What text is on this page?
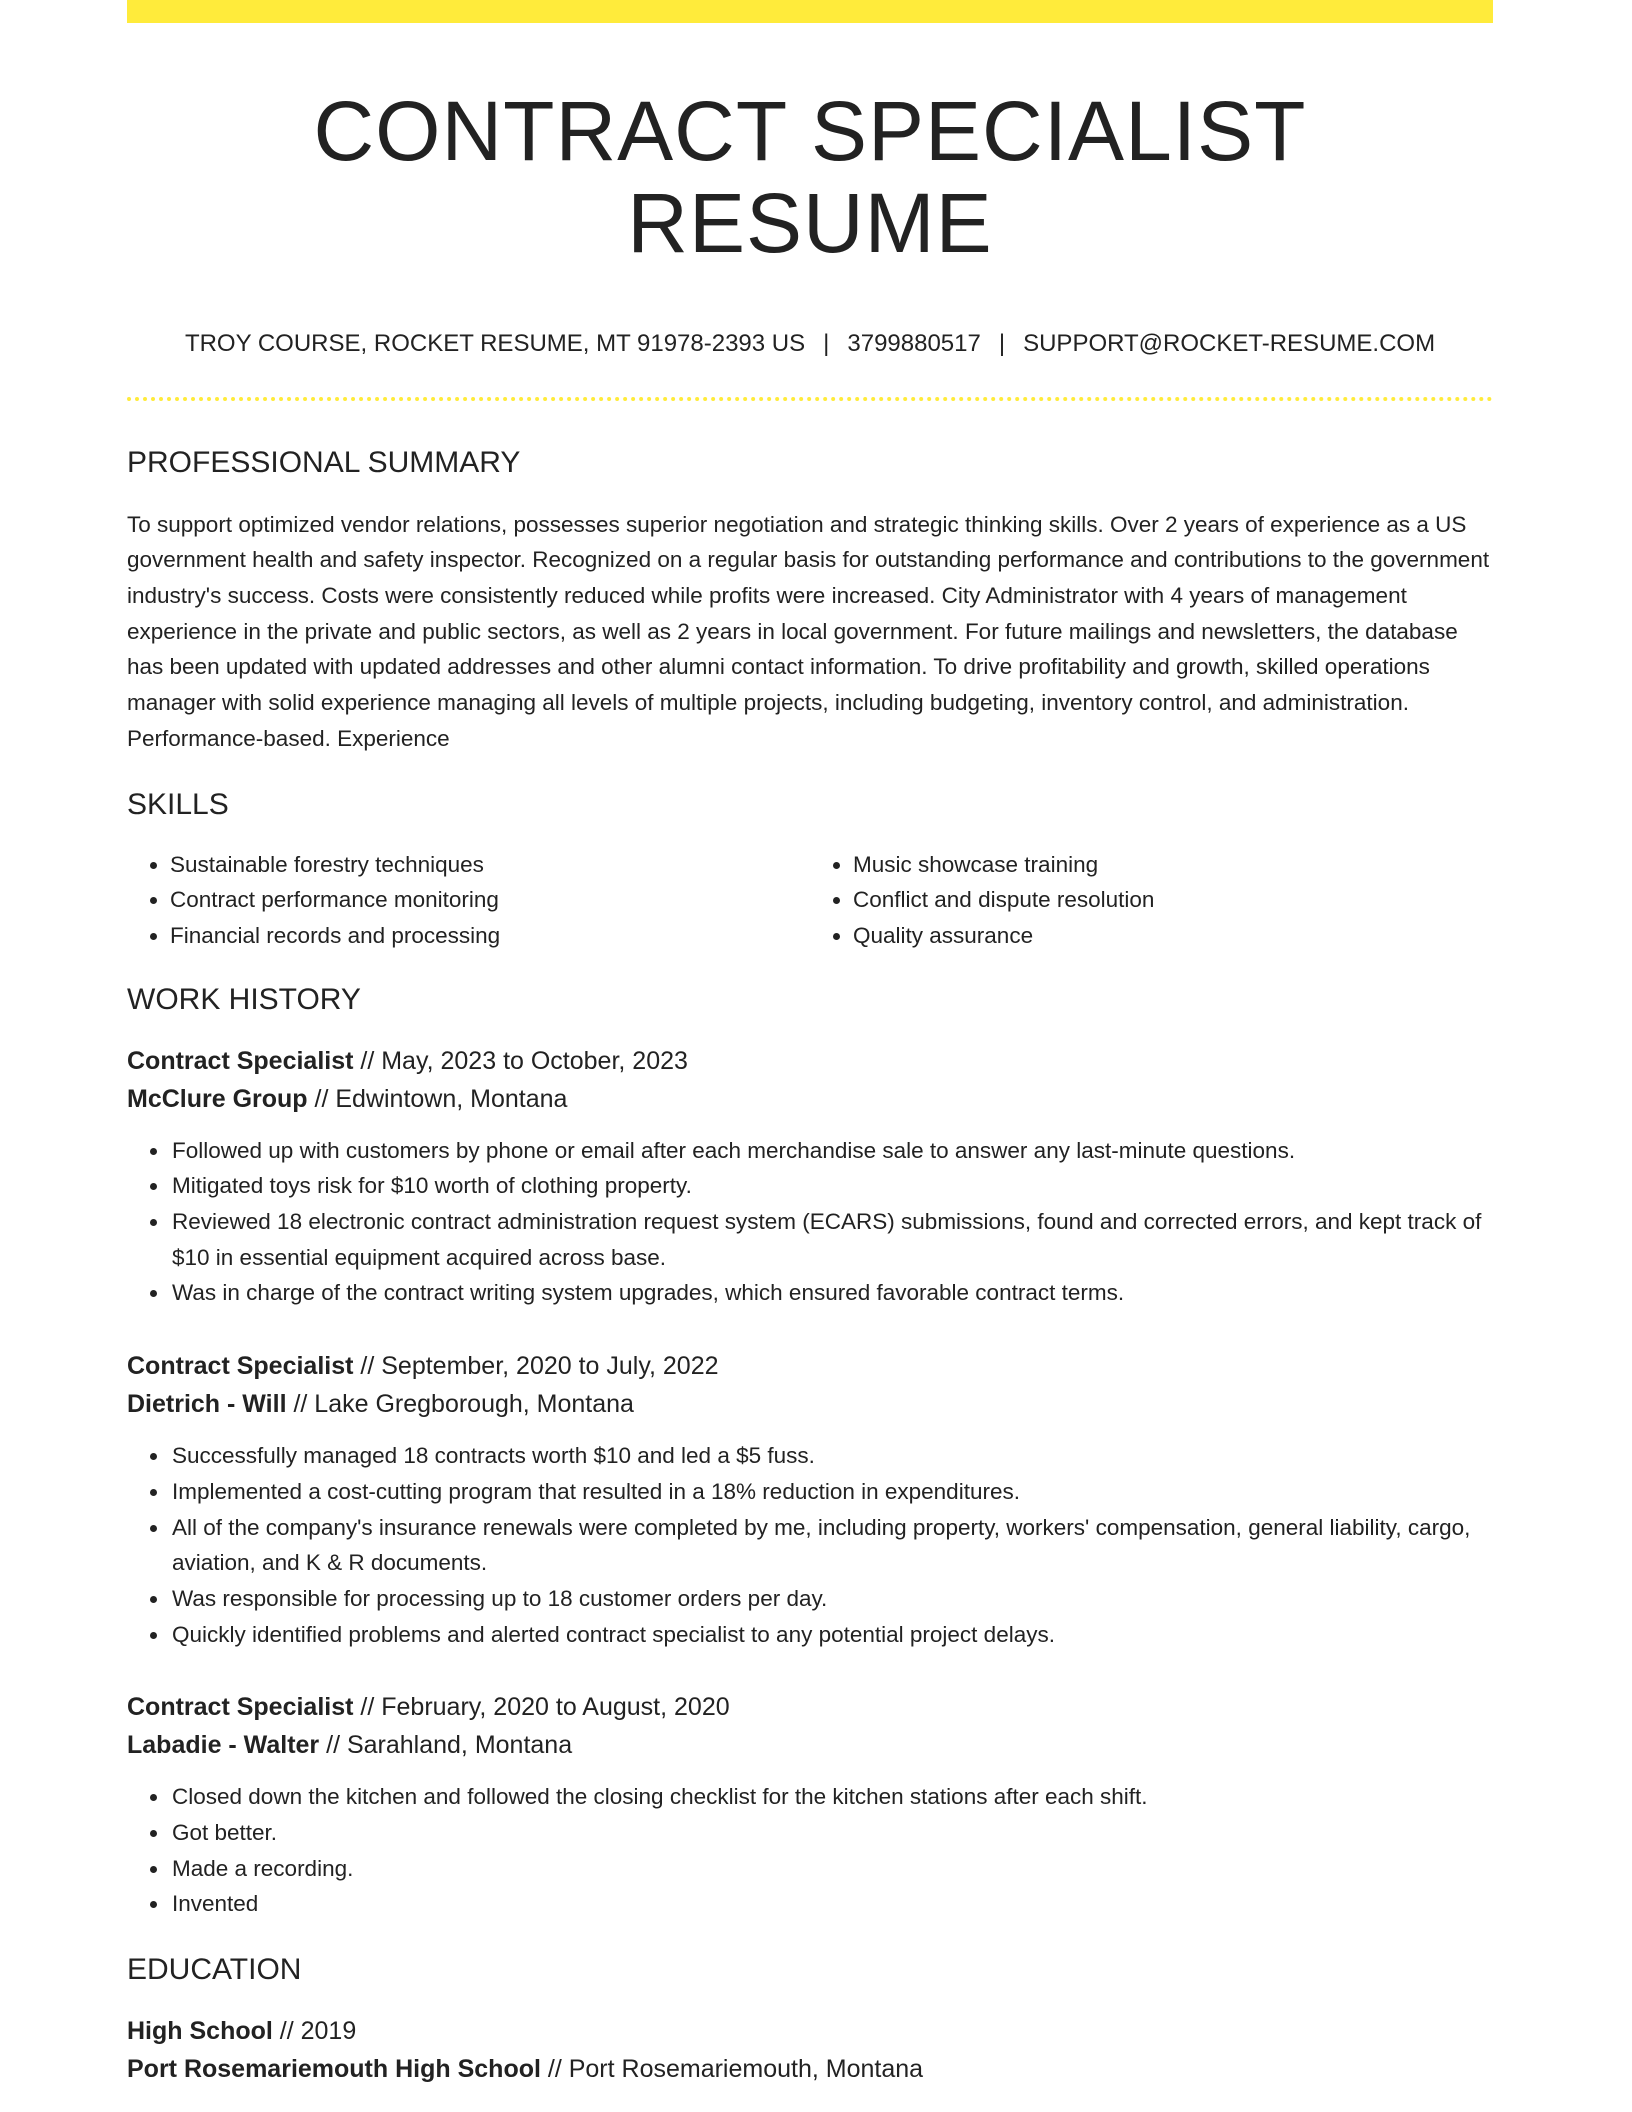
CONTRACT SPECIALIST RESUME
TROY COURSE, ROCKET RESUME, MT 91978-2393 US | 3799880517 | SUPPORT@ROCKET-RESUME.COM
PROFESSIONAL SUMMARY

To support optimized vendor relations, possesses superior negotiation and strategic thinking skills. Over 2 years of experience as a US government health and safety inspector. Recognized on a regular basis for outstanding performance and contributions to the government industry's success. Costs were consistently reduced while profits were increased. City Administrator with 4 years of management experience in the private and public sectors, as well as 2 years in local government. For future mailings and newsletters, the database has been updated with updated addresses and other alumni contact information. To drive profitability and growth, skilled operations manager with solid experience managing all levels of multiple projects, including budgeting, inventory control, and administration. Performance-based. Experience

SKILLS
• Sustainable forestry techniques
• Contract performance monitoring
• Financial records and processing
• Music showcase training
• Conflict and dispute resolution
• Quality assurance
WORK HISTORY
Contract Specialist // May, 2023 to October, 2023
McClure Group // Edwintown, Montana
• Followed up with customers by phone or email after each merchandise sale to answer any last-minute questions.
• Mitigated toys risk for $10 worth of clothing property.
• Reviewed 18 electronic contract administration request system (ECARS) submissions, found and corrected errors, and kept track of $10 in essential equipment acquired across base.
• Was in charge of the contract writing system upgrades, which ensured favorable contract terms.
Contract Specialist // September, 2020 to July, 2022
Dietrich - Will // Lake Gregborough, Montana
• Successfully managed 18 contracts worth $10 and led a $5 fuss.
• Implemented a cost-cutting program that resulted in a 18% reduction in expenditures.
• All of the company's insurance renewals were completed by me, including property, workers' compensation, general liability, cargo, aviation, and K & R documents.
• Was responsible for processing up to 18 customer orders per day.
• Quickly identified problems and alerted contract specialist to any potential project delays.
Contract Specialist // February, 2020 to August, 2020
Labadie - Walter // Sarahland, Montana
• Closed down the kitchen and followed the closing checklist for the kitchen stations after each shift.
• Got better.
• Made a recording.
• Invented
EDUCATION
High School // 2019
Port Rosemariemouth High School // Port Rosemariemouth, Montana
